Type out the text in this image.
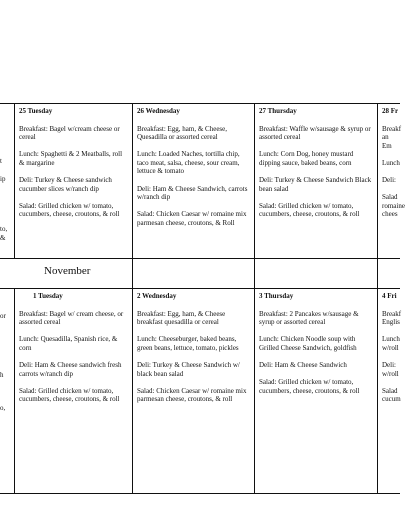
t
ip
to,
&
25 Tuesday

Breakfast: Bagel w/cream cheese or cereal

Lunch: Spaghetti & 2 Meatballs, roll & margarine

Deli: Turkey & Cheese sandwich cucumber slices w/ranch dip

Salad: Grilled chicken w/ tomato, cucumbers, cheese, croutons, & roll

26 Wednesday

Breakfast: Egg, ham, & Cheese, Quesadilla or assorted cereal

Lunch: Loaded Naches, tortilla chip, taco meat, salsa, cheese, sour cream, lettuce & tomato

Deli: Ham & Cheese Sandwich, carrots w/ranch dip

Salad: Chicken Caesar w/ romaine mix parmesan cheese, croutons, & Roll

27 Thursday

Breakfast: Waffle w/sausage & syrup or assorted cereal

Lunch: Corn Dog, honey mustard dipping sauce, baked beans, corn

Deli: Turkey & Cheese Sandwich Black bean salad

Salad: Grilled chicken w/ tomato, cucumbers, cheese, croutons, & roll

28 Fr

Breakf an Em

Lunch

Deli:

Salad romaine chees

or
h
o,
1 Tuesday

Breakfast: Bagel w/ cream cheese, or assorted cereal

Lunch: Quesadilla, Spanish rice, & corn

Deli: Ham & Cheese sandwich fresh carrots w/ranch dip

Salad: Grilled chicken w/ tomato, cucumbers, cheese, croutons, & roll

2 Wednesday

Breakfast: Egg, ham, & Cheese breakfast quesadilla or cereal

Lunch: Cheeseburger, baked beans, green beans, lettuce, tomato, pickles

Deli: Turkey & Cheese Sandwich w/ black bean salad

Salad: Chicken Caesar w/ romaine mix parmesan cheese, croutons, & roll

3 Thursday

Breakfast: 2 Pancakes w/sausage & syrup or assorted cereal

Lunch: Chicken Noodle soup with Grilled Cheese Sandwich, goldfish

Deli: Ham & Cheese Sandwich

Salad: Grilled chicken w/ tomato, cucumbers, cheese, croutons, & roll

4 Fri

Breakf Englis

Lunch w/roll

Deli: w/roll

Salad cucum

November
